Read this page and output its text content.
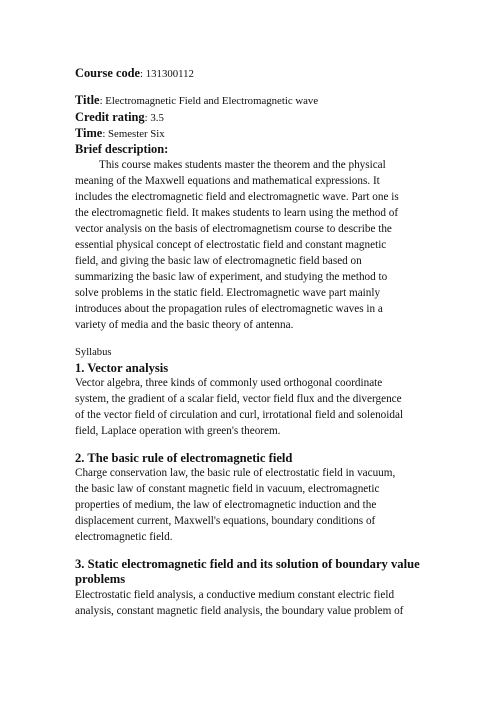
Course code: 131300112
Title: Electromagnetic Field and Electromagnetic wave
Credit rating: 3.5
Time: Semester Six
Brief description:
This course makes students master the theorem and the physical
meaning of the Maxwell equations and mathematical expressions. It
includes the electromagnetic field and electromagnetic wave. Part one is
the electromagnetic field. It makes students to learn using the method of
vector analysis on the basis of electromagnetism course to describe the
essential physical concept of electrostatic field and constant magnetic
field, and giving the basic law of electromagnetic field based on
summarizing the basic law of experiment, and studying the method to
solve problems in the static field. Electromagnetic wave part mainly
introduces about the propagation rules of electromagnetic waves in a
variety of media and the basic theory of antenna.
Syllabus
1. Vector analysis
Vector algebra, three kinds of commonly used orthogonal coordinate
system, the gradient of a scalar field, vector field flux and the divergence
of the vector field of circulation and curl, irrotational field and solenoidal
field, Laplace operation with green's theorem.
2. The basic rule of electromagnetic field
Charge conservation law, the basic rule of electrostatic field in vacuum,
the basic law of constant magnetic field in vacuum, electromagnetic
properties of medium, the law of electromagnetic induction and the
displacement current, Maxwell's equations, boundary conditions of
electromagnetic field.
3. Static electromagnetic field and its solution of boundary value
problems
Electrostatic field analysis, a conductive medium constant electric field
analysis, constant magnetic field analysis, the boundary value problem of
